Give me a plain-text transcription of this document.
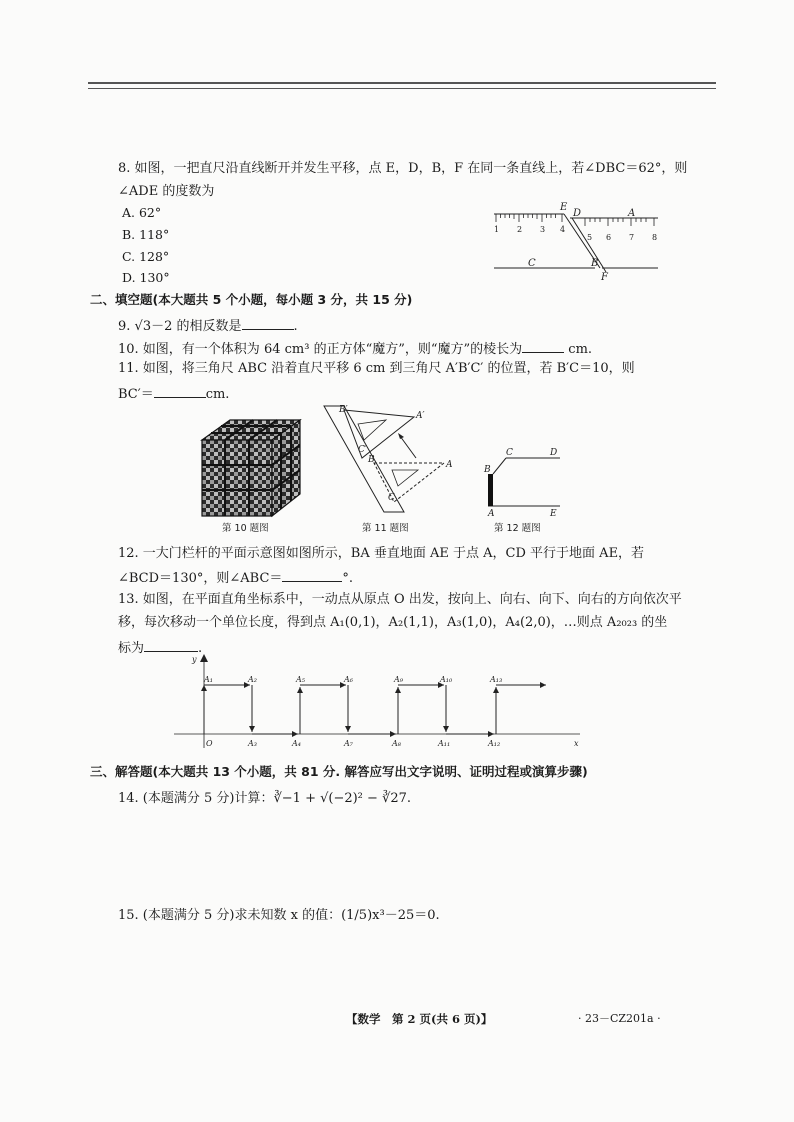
8. 如图，一把直尺沿直线断开并发生平移，点 E，D，B，F 在同一条直线上，若∠DBC＝62°，则
∠ADE 的度数为
A. 62°
B. 118°
C. 128°
D. 130°
1 2 3 4
5 6 7 8
E
D	A
C	B
F
二、填空题(本大题共 5 个小题，每小题 3 分，共 15 分)
9. √3－2 的相反数是	.
10. 如图，有一个体积为 64 cm³ 的正方体“魔方”，则“魔方”的棱长为	cm.
11. 如图，将三角尺 ABC 沿着直尺平移 6 cm 到三角尺 A′B′C′ 的位置，若 B′C＝10，则
BC′＝	cm.
第 10 题图
B′
A′
C′
B	A
C
第 11 题图
B
C	D
A	E
第 12 题图
12. 一大门栏杆的平面示意图如图所示，BA 垂直地面 AE 于点 A，CD 平行于地面 AE，若
∠BCD＝130°，则∠ABC＝	°.
13. 如图，在平面直角坐标系中，一动点从原点 O 出发，按向上、向右、向下、向右的方向依次平
移，每次移动一个单位长度，得到点 A₁(0,1)，A₂(1,1)，A₃(1,0)，A₄(2,0)，…则点 A₂₀₂₃ 的坐
标为	.
y
x
O
A₁	A₂	A₅	A₆	A₉	A₁₀	A₁₃
A₃	A₄	A₇	A₈	A₁₁	A₁₂
三、解答题(本大题共 13 个小题，共 81 分. 解答应写出文字说明、证明过程或演算步骤)
14. (本题满分 5 分)计算：∛−1 + √(−2)² − ∛27.
15. (本题满分 5 分)求未知数 x 的值：(1/5)x³－25＝0.
【数学　第 2 页(共 6 页)】	· 23－CZ201a ·
